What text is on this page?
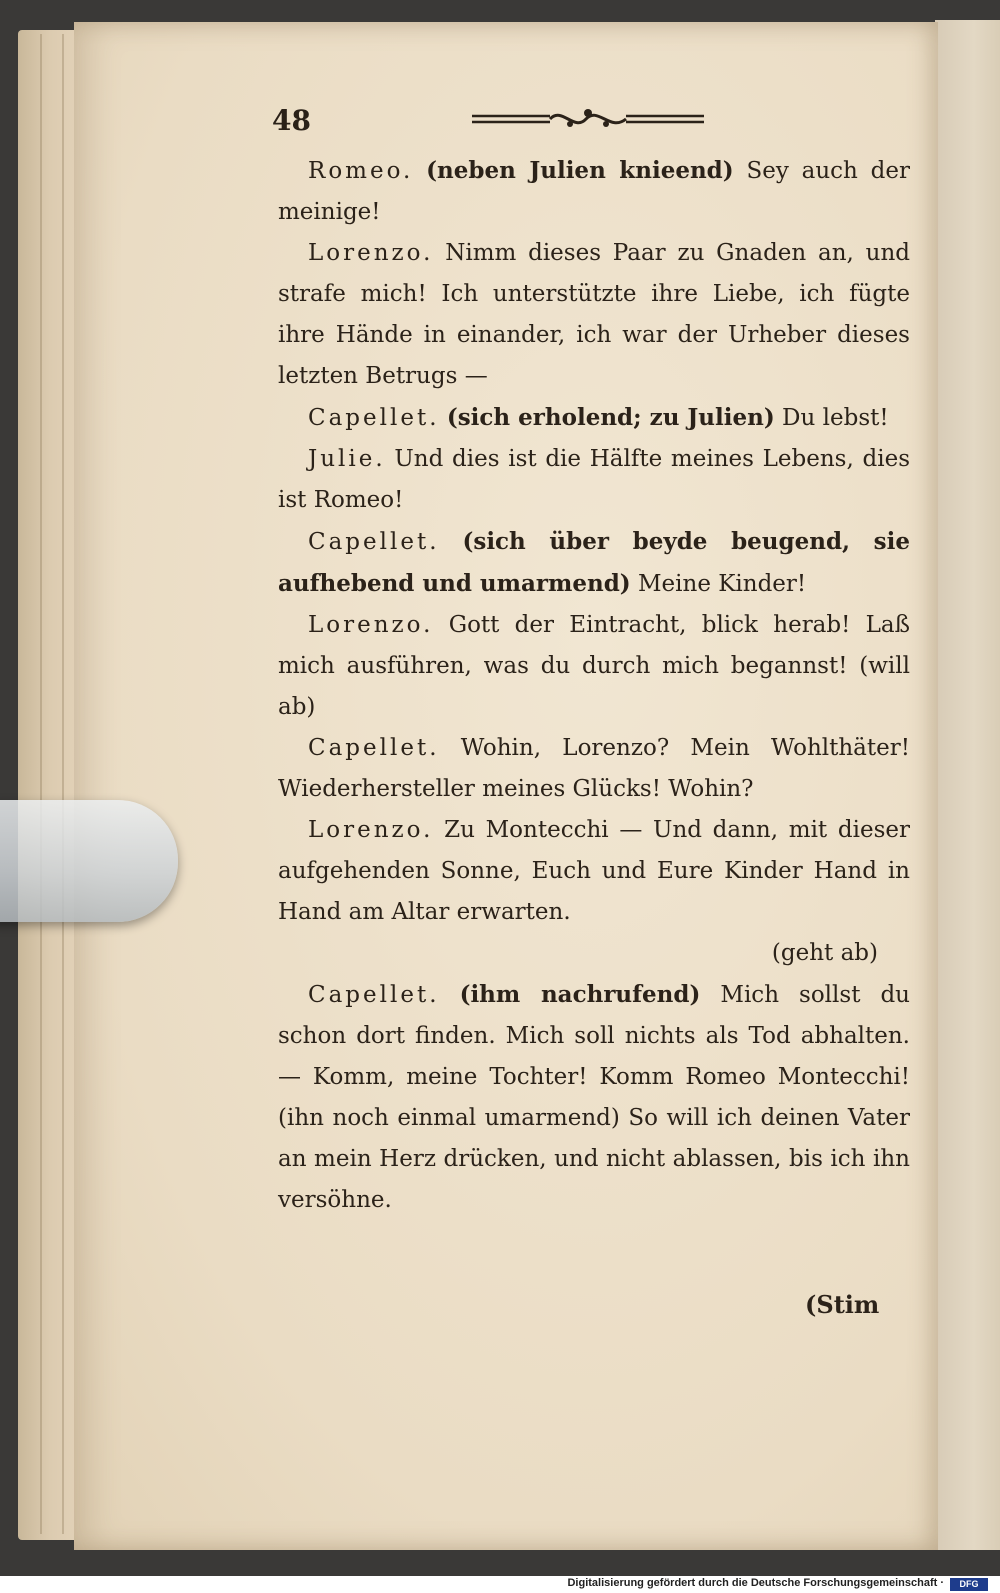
48

Romeo. (neben Julien knieend) Sey auch der meinige!

Lorenzo. Nimm dieses Paar zu Gnaden an, und strafe mich! Ich unterstützte ihre Liebe, ich fügte ihre Hände in einander, ich war der Urheber dieses letzten Betrugs —

Capellet. (sich erholend; zu Julien) Du lebst!

Julie. Und dies ist die Hälfte meines Lebens, dies ist Romeo!

Capellet. (sich über beyde beugend, sie aufhebend und umarmend) Meine Kinder!

Lorenzo. Gott der Eintracht, blick herab! Laß mich ausführen, was du durch mich begannst! (will ab)

Capellet. Wohin, Lorenzo? Mein Wohlthäter! Wiederhersteller meines Glücks! Wohin?

Lorenzo. Zu Montecchi — Und dann, mit dieser aufgehenden Sonne, Euch und Eure Kinder Hand in Hand am Altar erwarten.

(geht ab)

Capellet. (ihm nachrufend) Mich sollst du schon dort finden. Mich soll nichts als Tod abhalten. — Komm, meine Tochter! Komm Romeo Montecchi! (ihn noch einmal umarmend) So will ich deinen Vater an mein Herz drücken, und nicht ablassen, bis ich ihn versöhne.

(Stim
Digitalisierung gefördert durch die Deutsche Forschungsgemeinschaft ·	DFG
